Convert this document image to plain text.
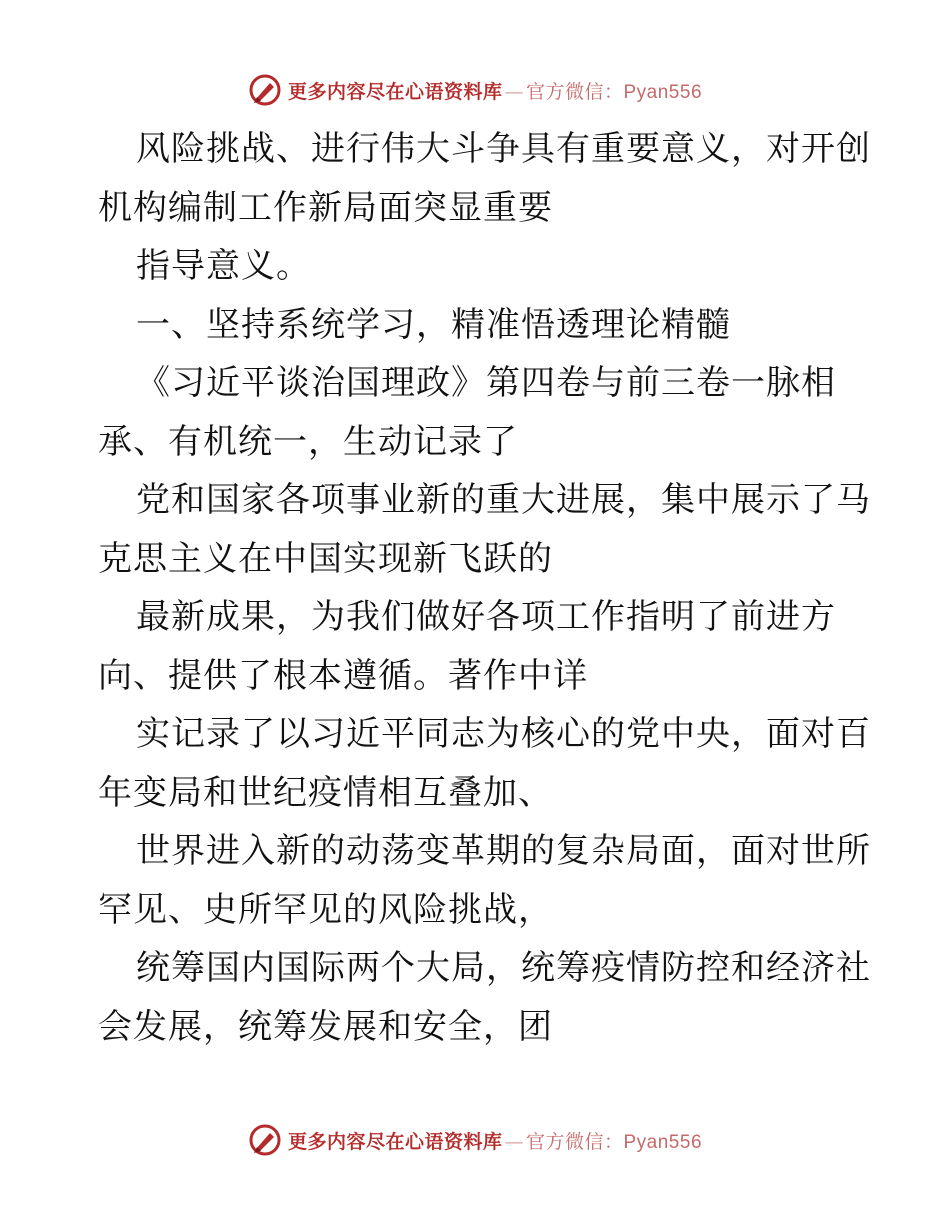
更多内容尽在心语资料库 — 官方微信：Pyan556
风险挑战、进行伟大斗争具有重要意义，对开创
机构编制工作新局面突显重要
指导意义。
一、坚持系统学习，精准悟透理论精髓
《习近平谈治国理政》第四卷与前三卷一脉相
承、有机统一，生动记录了
党和国家各项事业新的重大进展，集中展示了马
克思主义在中国实现新飞跃的
最新成果，为我们做好各项工作指明了前进方
向、提供了根本遵循。著作中详
实记录了以习近平同志为核心的党中央，面对百
年变局和世纪疫情相互叠加、
世界进入新的动荡变革期的复杂局面，面对世所
罕见、史所罕见的风险挑战，
统筹国内国际两个大局，统筹疫情防控和经济社
会发展，统筹发展和安全，团
更多内容尽在心语资料库 — 官方微信：Pyan556
